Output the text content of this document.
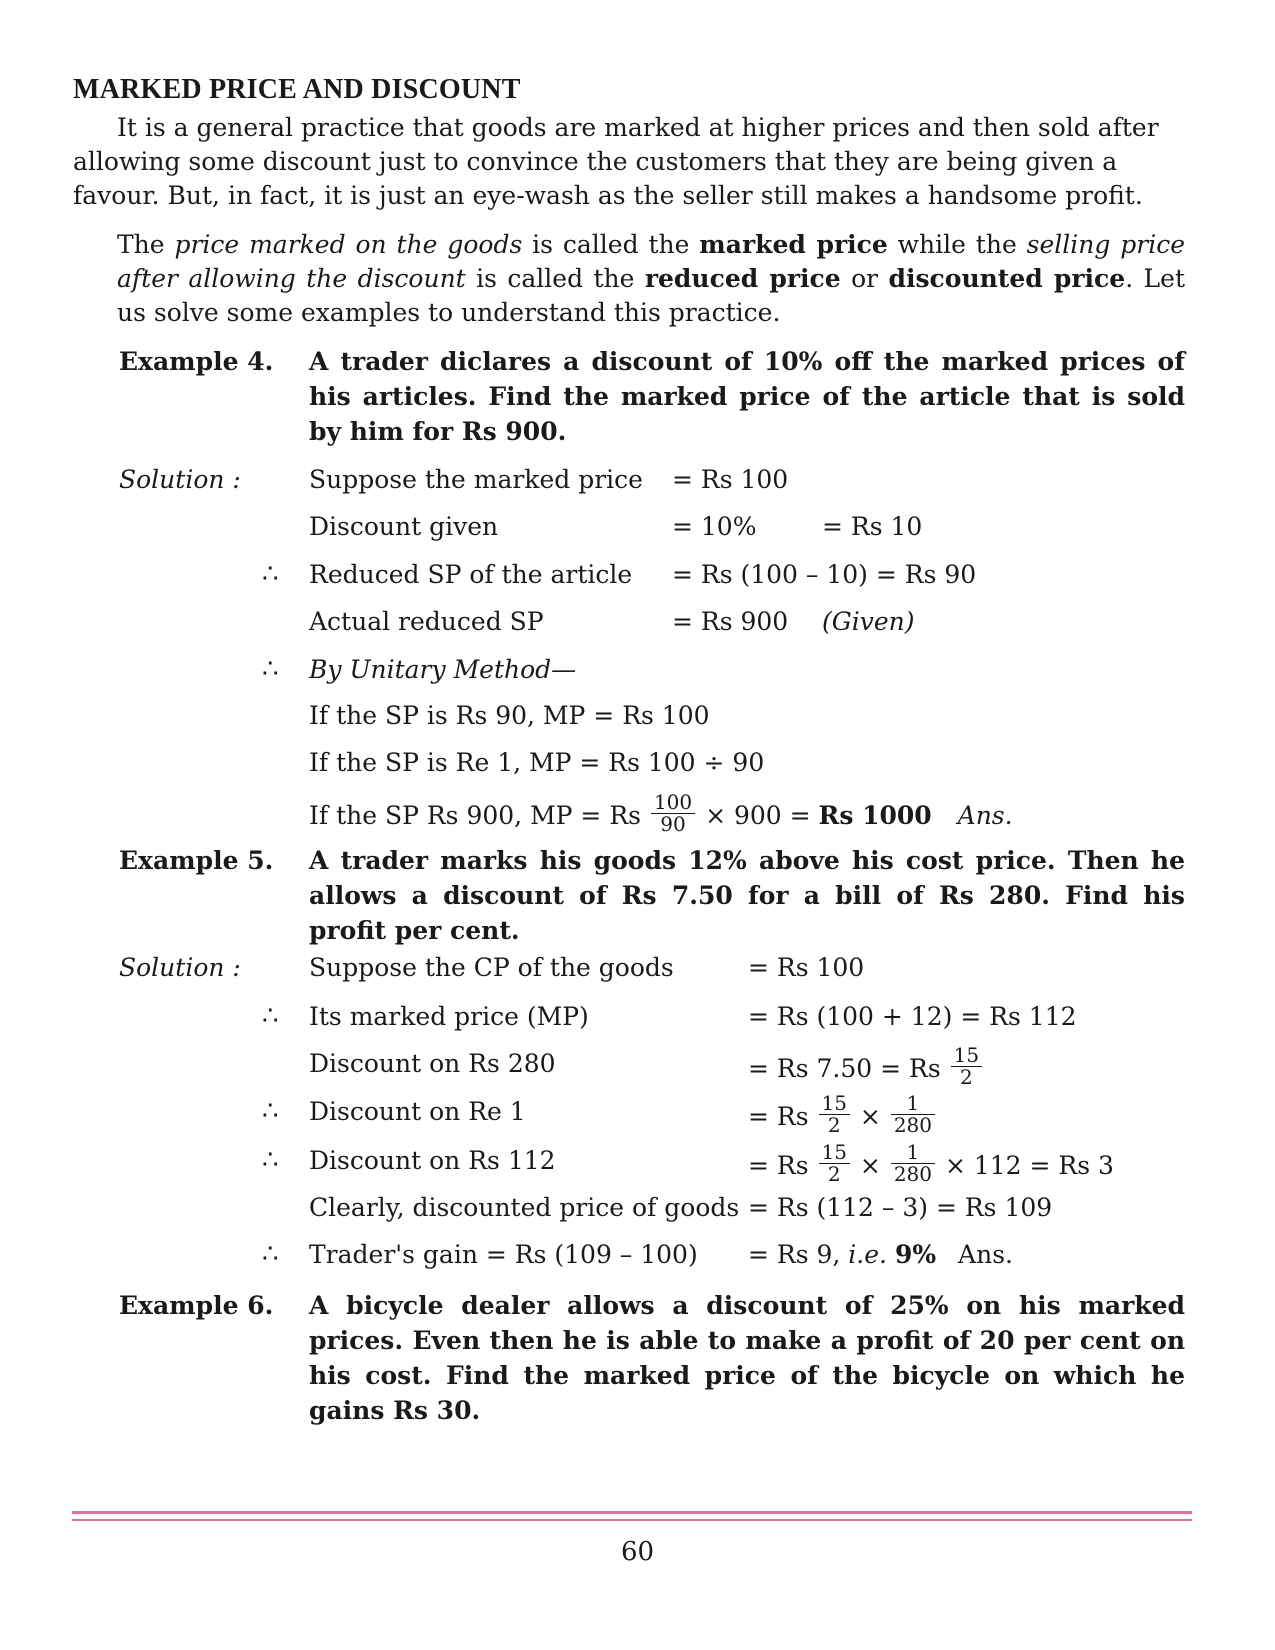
MARKED PRICE AND DISCOUNT
It is a general practice that goods are marked at higher prices and then sold after
allowing some discount just to convince the customers that they are being given a
favour. But, in fact, it is just an eye-wash as the seller still makes a handsome profit.
The price marked on the goods is called the marked price while the selling price after allowing the discount is called the reduced price or discounted price. Let us solve some examples to understand this practice.
Example 4. A trader diclares a discount of 10% off the marked prices of his articles. Find the marked price of the article that is sold by him for Rs 900.
Solution :	Suppose the marked price = Rs 100
Discount given	= 10%	= Rs 10
∴ Reduced SP of the article = Rs (100 – 10) = Rs 90
Actual reduced SP	= Rs 900 (Given)
∴ By Unitary Method—
If the SP is Rs 90, MP = Rs 100
If the SP is Re 1, MP = Rs 100 ÷ 90
If the SP Rs 900, MP = Rs $\frac{100}{90} \times 900 = Rs$ 1000 Ans.
Example 5. A trader marks his goods 12% above his cost price. Then he allows a discount of Rs 7.50 for a bill of Rs 280. Find his profit per cent.
Solution :	Suppose the CP of the goods	= Rs 100
∴ Its marked price (MP)	= Rs (100 + 12) = Rs 112
Discount on Rs 280	= Rs 7.50 = Rs $\frac{15}{2}$
∴ Discount on Re 1	= Rs $\frac{15}{2} \times \frac{1}{280}$
∴ Discount on Rs 112	= Rs $\frac{15}{2} \times \frac{1}{280} \times 112 = Rs$ 3
Clearly, discounted price of goods = Rs (112 – 3) = Rs 109
∴ Trader's gain = Rs (109 – 100) = Rs 9, i.e. 9% Ans.
Example 6. A bicycle dealer allows a discount of 25% on his marked prices. Even then he is able to make a profit of 20 per cent on his cost. Find the marked price of the bicycle on which he gains Rs 30.
60
